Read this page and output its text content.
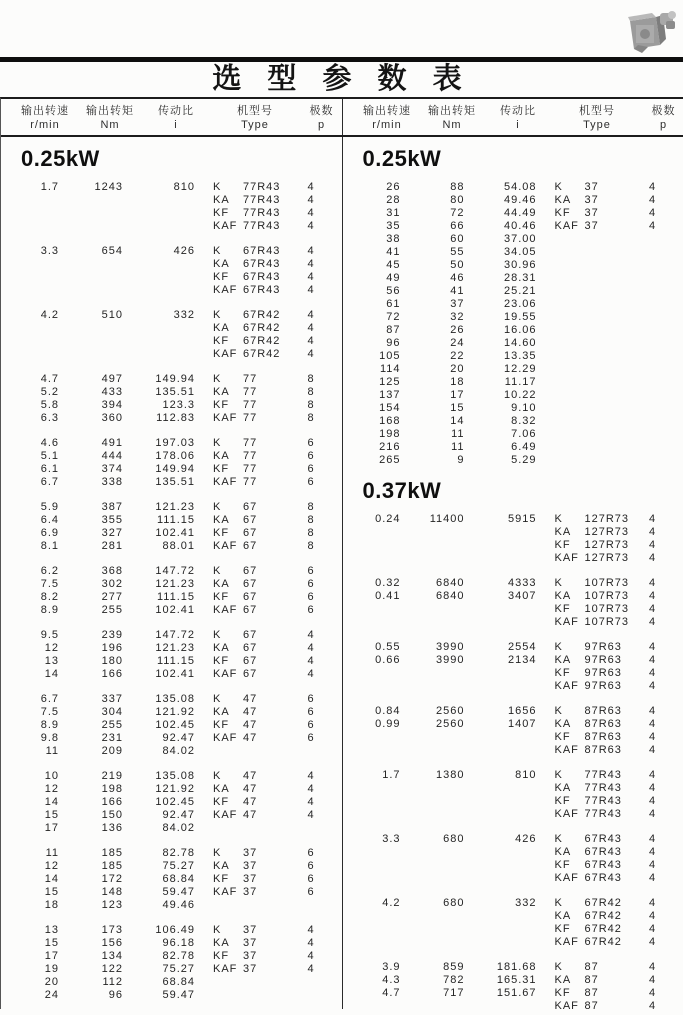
选 型 参 数 表
输出转速
r/min
输出转矩
Nm
传动比
i
机型号
Type
极数
p
输出转速
r/min
输出转矩
Nm
传动比
i
机型号
Type
极数
p
0.25kW
1.7	1243	810 K 77R43 4
KA 77R43 4
KF 77R43 4
KAF 77R43 4
3.3	654	426 K 67R43 4
KA 67R43 4
KF 67R43 4
KAF 67R43 4
4.2	510	332 K 67R42 4
KA 67R42 4
KF 67R42 4
KAF 67R42 4
4.7	497	149.94 K 77	8
5.2	433	135.51 KA 77	8
5.8	394	123.3 KF 77	8
6.3	360	112.83 KAF 77	8
4.6	491	197.03 K 77	6
5.1	444	178.06 KA 77	6
6.1	374	149.94 KF 77	6
6.7	338	135.51 KAF 77	6
5.9	387	121.23 K 67	8
6.4	355	111.15 KA 67	8
6.9	327	102.41 KF 67	8
8.1	281	88.01 KAF 67	8
6.2	368	147.72 K 67	6
7.5	302	121.23 KA 67	6
8.2	277	111.15 KF 67	6
8.9	255	102.41 KAF 67	6
9.5	239	147.72 K 67	4
12	196	121.23 KA 67	4
13	180	111.15 KF 67	4
14	166	102.41 KAF 67	4
6.7	337	135.08 K 47	6
7.5	304	121.92 KA 47	6
8.9	255	102.45 KF 47	6
9.8	231	92.47 KAF 47	6
11	209	84.02
10	219	135.08 K 47	4
12	198	121.92 KA 47	4
14	166	102.45 KF 47	4
15	150	92.47 KAF 47	4
17	136	84.02
11	185	82.78 K 37	6
12	185	75.27 KA 37	6
14	172	68.84 KF 37	6
15	148	59.47 KAF 37	6
18	123	49.46
13	173	106.49 K 37	4
15	156	96.18 KA 37	4
17	134	82.78 KF 37	4
19	122	75.27 KAF 37	4
20	112	68.84
24	96	59.47
0.25kW
26	88	54.08 K 37	4
28	80	49.46 KA 37	4
31	72	44.49 KF 37	4
35	66	40.46 KAF 37	4
38	60	37.00
41	55	34.05
45	50	30.96
49	46	28.31
56	41	25.21
61	37	23.06
72	32	19.55
87	26	16.06
96	24	14.60
105	22	13.35
114	20	12.29
125	18	11.17
137	17	10.22
154	15	9.10
168	14	8.32
198	11	7.06
216	11	6.49
265	9	5.29
0.37kW
0.24	11400	5915 K 127R73 4
KA 127R73 4
KF 127R73 4
KAF 127R73 4
0.32	6840	4333 K 107R73 4
0.41	6840	3407 KA 107R73 4
KF 107R73 4
KAF 107R73 4
0.55	3990	2554 K 97R63 4
0.66	3990	2134 KA 97R63 4
KF 97R63 4
KAF 97R63 4
0.84	2560	1656 K 87R63 4
0.99	2560	1407 KA 87R63 4
KF 87R63 4
KAF 87R63 4
1.7	1380	810 K 77R43 4
KA 77R43 4
KF 77R43 4
KAF 77R43 4
3.3	680	426 K 67R43 4
KA 67R43 4
KF 67R43 4
KAF 67R43 4
4.2	680	332 K 67R42 4
KA 67R42 4
KF 67R42 4
KAF 67R42 4
3.9	859	181.68 K 87	4
4.3	782	165.31 KA 87	4
4.7	717	151.67 KF 87	4
KAF 87	4
